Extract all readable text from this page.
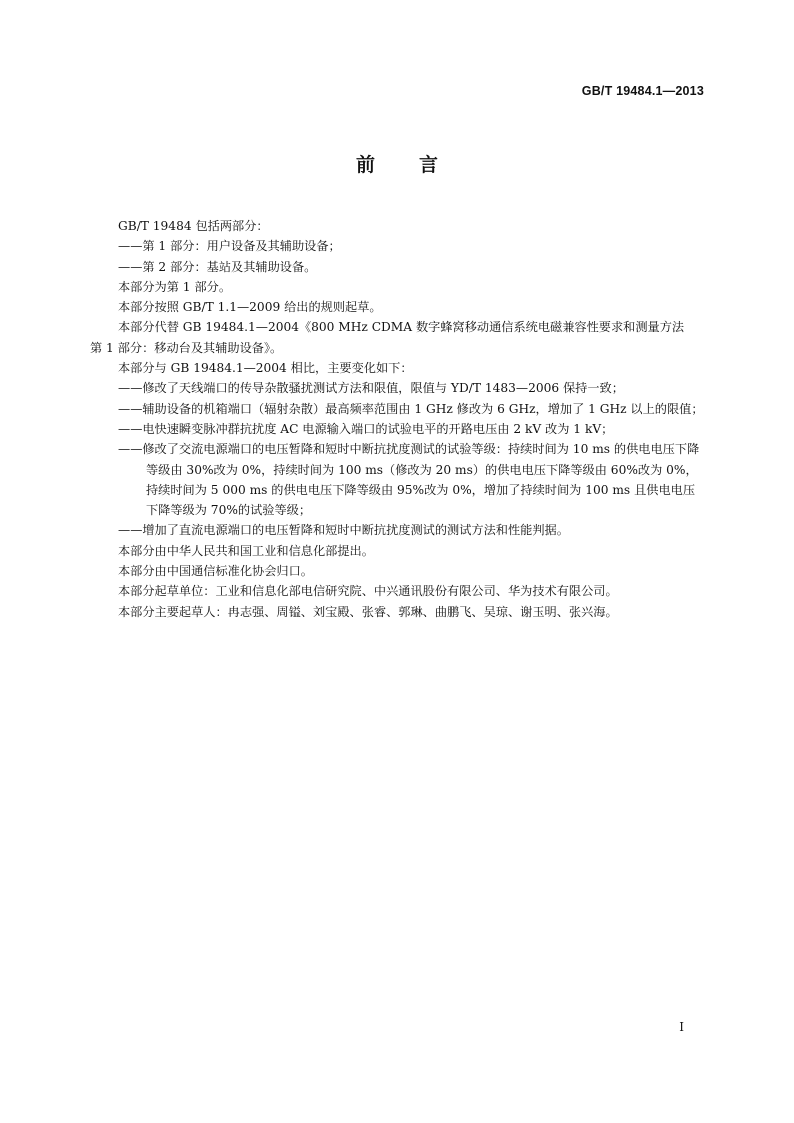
GB/T 19484.1—2013
前言

GB/T 19484 包括两部分：

——第 1 部分：用户设备及其辅助设备；

——第 2 部分：基站及其辅助设备。

本部分为第 1 部分。

本部分按照 GB/T 1.1—2009 给出的规则起草。

本部分代替 GB 19484.1—2004《800 MHz CDMA 数字蜂窝移动通信系统电磁兼容性要求和测量方法　第 1 部分：移动台及其辅助设备》。

本部分与 GB 19484.1—2004 相比，主要变化如下：

——修改了天线端口的传导杂散骚扰测试方法和限值，限值与 YD/T 1483—2006 保持一致；

——辅助设备的机箱端口（辐射杂散）最高频率范围由 1 GHz 修改为 6 GHz，增加了 1 GHz 以上的限值；

——电快速瞬变脉冲群抗扰度 AC 电源输入端口的试验电平的开路电压由 2 kV 改为 1 kV；

——修改了交流电源端口的电压暂降和短时中断抗扰度测试的试验等级：持续时间为 10 ms 的供电电压下降等级由 30%改为 0%，持续时间为 100 ms（修改为 20 ms）的供电电压下降等级由 60%改为 0%，持续时间为 5 000 ms 的供电电压下降等级由 95%改为 0%，增加了持续时间为 100 ms 且供电电压下降等级为 70%的试验等级；

——增加了直流电源端口的电压暂降和短时中断抗扰度测试的测试方法和性能判据。

本部分由中华人民共和国工业和信息化部提出。

本部分由中国通信标准化协会归口。

本部分起草单位：工业和信息化部电信研究院、中兴通讯股份有限公司、华为技术有限公司。

本部分主要起草人：冉志强、周镒、刘宝殿、张睿、郭琳、曲鹏飞、吴琼、谢玉明、张兴海。

I
